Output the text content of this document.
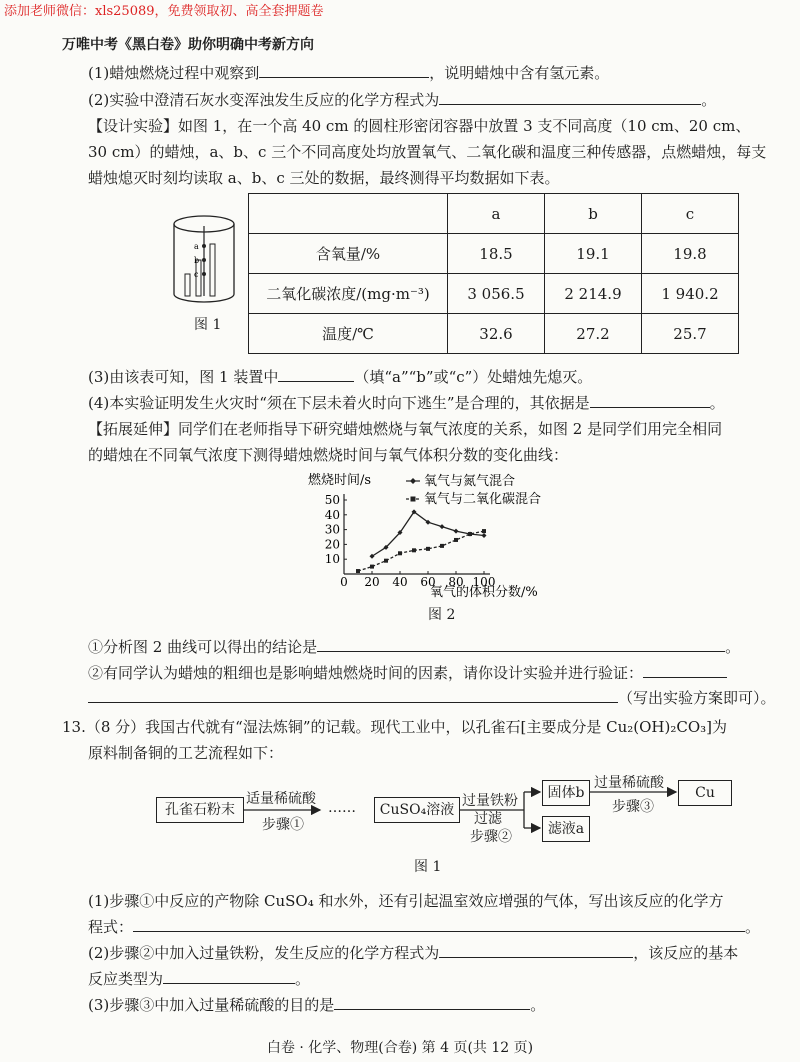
添加老师微信：xls25089，免费领取初、高全套押题卷
万唯中考《黑白卷》助你明确中考新方向
(1)蜡烛燃烧过程中观察到	，说明蜡烛中含有氢元素。
(2)实验中澄清石灰水变浑浊发生反应的化学方程式为	。
【设计实验】如图 1，在一个高 40 cm 的圆柱形密闭容器中放置 3 支不同高度（10 cm、20 cm、
30 cm）的蜡烛，a、b、c 三个不同高度处均放置氧气、二氧化碳和温度三种传感器，点燃蜡烛，每支
蜡烛熄灭时刻均读取 a、b、c 三处的数据，最终测得平均数据如下表。
a
b
c
图 1
	a	b	c
含氧量/%	18.5	19.1	19.8
二氧化碳浓度/(mg·m⁻³)	3 056.5	2 214.9	1 940.2
温度/℃	32.6	27.2	25.7
(3)由该表可知，图 1 装置中	（填“a”“b”或“c”）处蜡烛先熄灭。
(4)本实验证明发生火灾时“须在下层未着火时向下逃生”是合理的，其依据是	。
【拓展延伸】同学们在老师指导下研究蜡烛燃烧与氧气浓度的关系，如图 2 是同学们用完全相同
的蜡烛在不同氧气浓度下测得蜡烛燃烧时间与氧气体积分数的变化曲线：
燃烧时间/s
氧气的体积分数/%
氧气与氮气混合
氧气与二氧化碳混合
0 20 40 60 80 100
10
20
30
40
50
图 2
①分析图 2 曲线可以得出的结论是	。
②有同学认为蜡烛的粗细也是影响蜡烛燃烧时间的因素，请你设计实验并进行验证：
（写出实验方案即可）。
13.（8 分）我国古代就有“湿法炼铜”的记载。现代工业中，以孔雀石[主要成分是 Cu₂(OH)₂CO₃]为
原料制备铜的工艺流程如下：
孔雀石粉末
适量稀硫酸
步骤①
……	CuSO₄溶液
过量铁粉
过滤
步骤②
固体b
滤液a
过量稀硫酸
步骤③
Cu
图 1
(1)步骤①中反应的产物除 CuSO₄ 和水外，还有引起温室效应增强的气体，写出该反应的化学方
程式：	。
(2)步骤②中加入过量铁粉，发生反应的化学方程式为	，该反应的基本
反应类型为	。
(3)步骤③中加入过量稀硫酸的目的是	。
白卷 · 化学、物理(合卷) 第 4 页(共 12 页)
